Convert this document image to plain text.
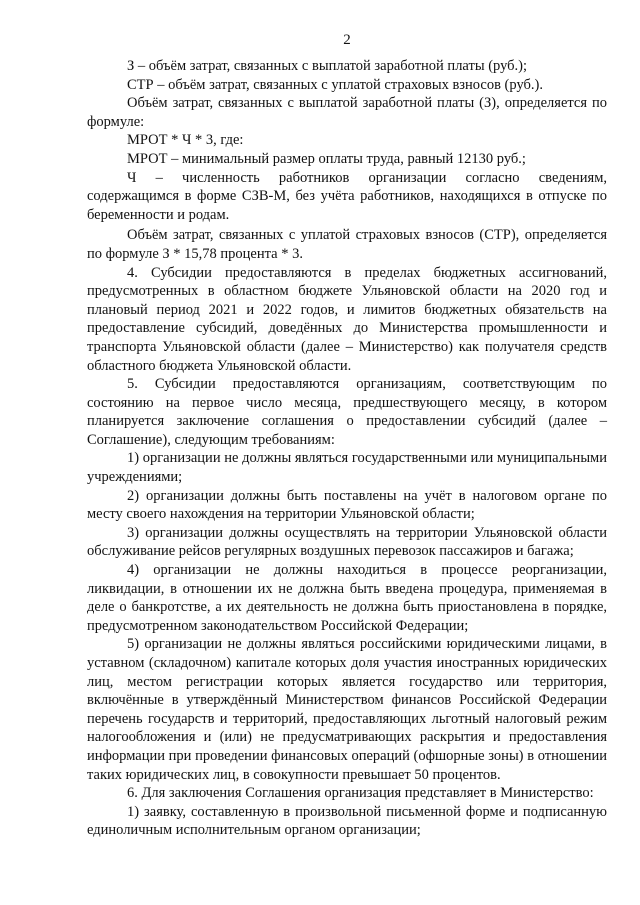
2

З – объём затрат, связанных с выплатой заработной платы (руб.);

СТР – объём затрат, связанных с уплатой страховых взносов (руб.).

Объём затрат, связанных с выплатой заработной платы (З), определяется по формуле:

МРОТ * Ч * 3, где:

МРОТ – минимальный размер оплаты труда, равный 12130 руб.;

Ч – численность работников организации согласно сведениям, содержащимся в форме СЗВ-М, без учёта работников, находящихся в отпуске по беременности и родам.

Объём затрат, связанных с уплатой страховых взносов (СТР), определяется по формуле З * 15,78 процента * 3.

4. Субсидии предоставляются в пределах бюджетных ассигнований, предусмотренных в областном бюджете Ульяновской области на 2020 год и плановый период 2021 и 2022 годов, и лимитов бюджетных обязательств на предоставление субсидий, доведённых до Министерства промышленности и транспорта Ульяновской области (далее – Министерство) как получателя средств областного бюджета Ульяновской области.

5. Субсидии предоставляются организациям, соответствующим по состоянию на первое число месяца, предшествующего месяцу, в котором планируется заключение соглашения о предоставлении субсидий (далее – Соглашение), следующим требованиям:

1) организации не должны являться государственными или муниципальными учреждениями;

2) организации должны быть поставлены на учёт в налоговом органе по месту своего нахождения на территории Ульяновской области;

3) организации должны осуществлять на территории Ульяновской области обслуживание рейсов регулярных воздушных перевозок пассажиров и багажа;

4) организации не должны находиться в процессе реорганизации, ликвидации, в отношении их не должна быть введена процедура, применяемая в деле о банкротстве, а их деятельность не должна быть приостановлена в порядке, предусмотренном законодательством Российской Федерации;

5) организации не должны являться российскими юридическими лицами, в уставном (складочном) капитале которых доля участия иностранных юридических лиц, местом регистрации которых является государство или территория, включённые в утверждённый Министерством финансов Российской Федерации перечень государств и территорий, предоставляющих льготный налоговый режим налогообложения и (или) не предусматривающих раскрытия и предоставления информации при проведении финансовых операций (офшорные зоны) в отношении таких юридических лиц, в совокупности превышает 50 процентов.

6. Для заключения Соглашения организация представляет в Министерство:

1) заявку, составленную в произвольной письменной форме и подписанную единоличным исполнительным органом организации;
